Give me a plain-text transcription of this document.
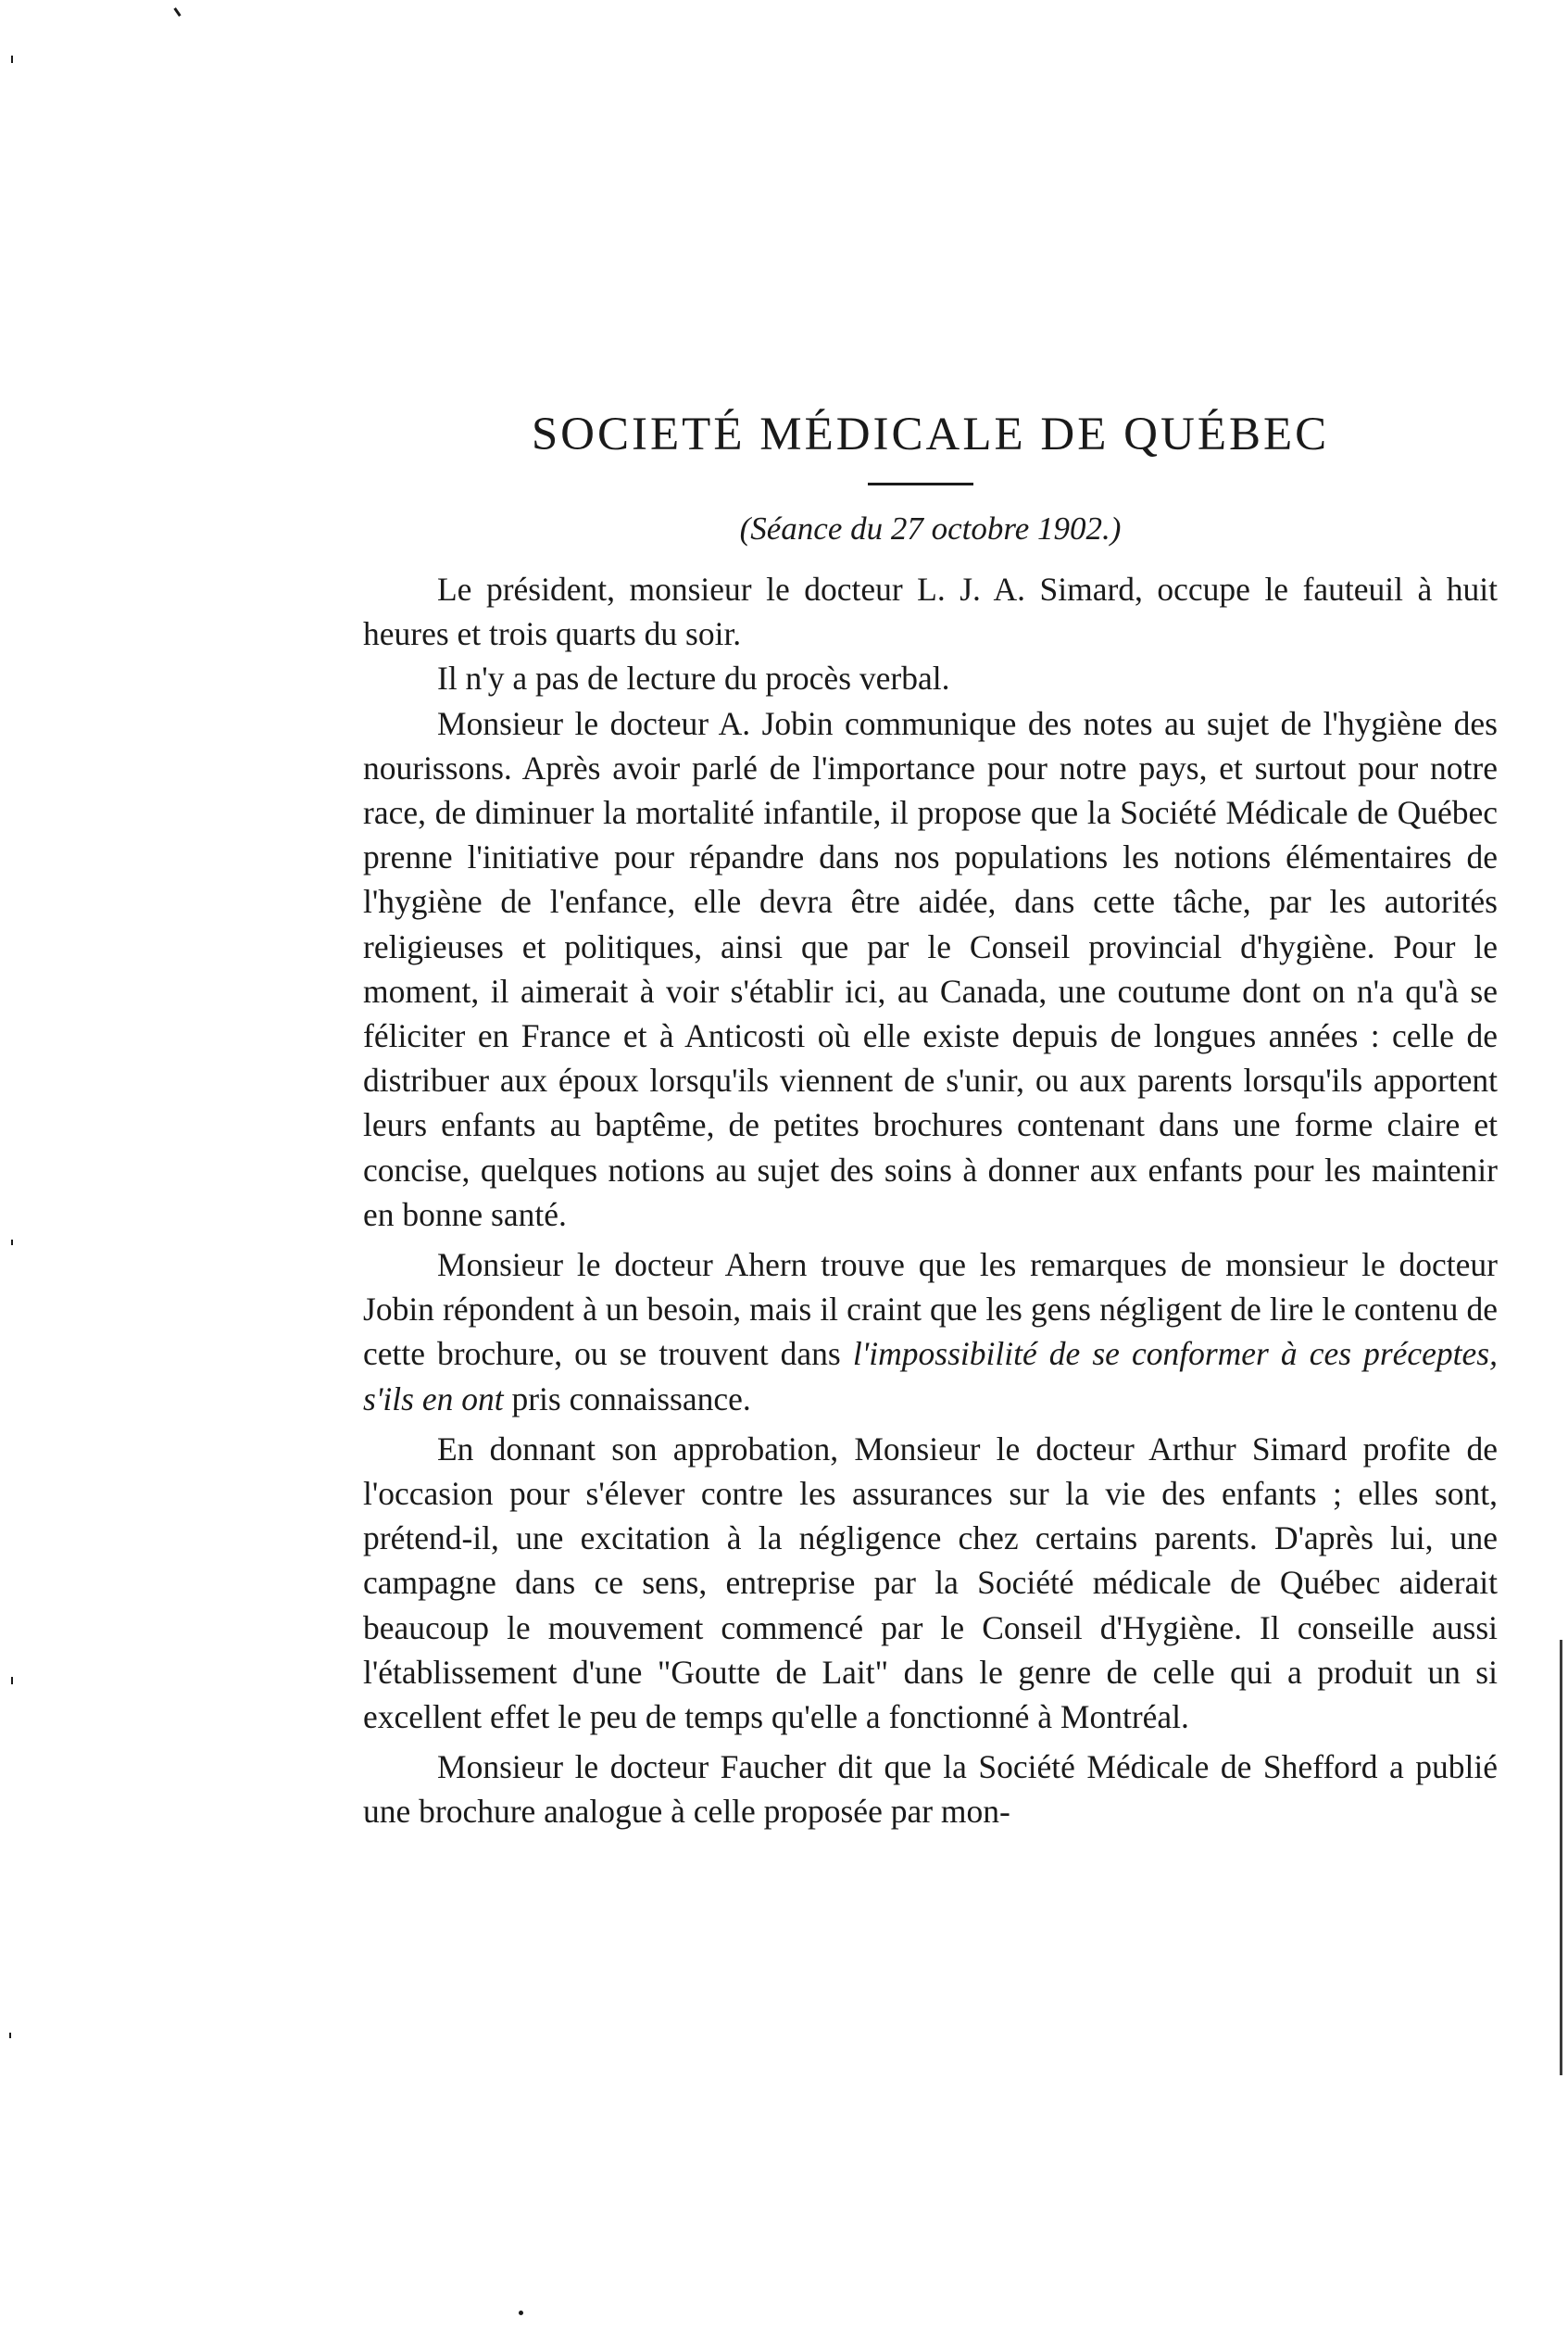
SOCIETÉ MÉDICALE DE QUÉBEC
(Séance du 27 octobre 1902.)

Le président, monsieur le docteur L. J. A. Simard, occupe le fauteuil à huit heures et trois quarts du soir.

Il n'y a pas de lecture du procès verbal.

Monsieur le docteur A. Jobin communique des notes au sujet de l'hygiène des nourissons. Après avoir parlé de l'importance pour notre pays, et surtout pour notre race, de diminuer la mortalité infantile, il propose que la Société Médicale de Québec prenne l'initiative pour répandre dans nos populations les notions élémentaires de l'hygiène de l'enfance, elle devra être aidée, dans cette tâche, par les autorités religieuses et politiques, ainsi que par le Conseil provincial d'hygiène. Pour le moment, il aimerait à voir s'établir ici, au Canada, une coutume dont on n'a qu'à se féliciter en France et à Anticosti où elle existe depuis de longues années : celle de distribuer aux époux lorsqu'ils viennent de s'unir, ou aux parents lorsqu'ils apportent leurs enfants au baptême, de petites brochures contenant dans une forme claire et concise, quelques notions au sujet des soins à donner aux enfants pour les maintenir en bonne santé.

Monsieur le docteur Ahern trouve que les remarques de monsieur le docteur Jobin répondent à un besoin, mais il craint que les gens négligent de lire le contenu de cette brochure, ou se trouvent dans l'impossibilité de se conformer à ces préceptes, s'ils en ont pris connaissance.

En donnant son approbation, Monsieur le docteur Arthur Simard profite de l'occasion pour s'élever contre les assurances sur la vie des enfants ; elles sont, prétend-il, une excitation à la négligence chez certains parents. D'après lui, une campagne dans ce sens, entreprise par la Société médicale de Québec aiderait beaucoup le mouvement commencé par le Conseil d'Hygiène. Il conseille aussi l'établissement d'une "Goutte de Lait" dans le genre de celle qui a produit un si excellent effet le peu de temps qu'elle a fonctionné à Montréal.

Monsieur le docteur Faucher dit que la Société Médicale de Shefford a publié une brochure analogue à celle proposée par mon-
